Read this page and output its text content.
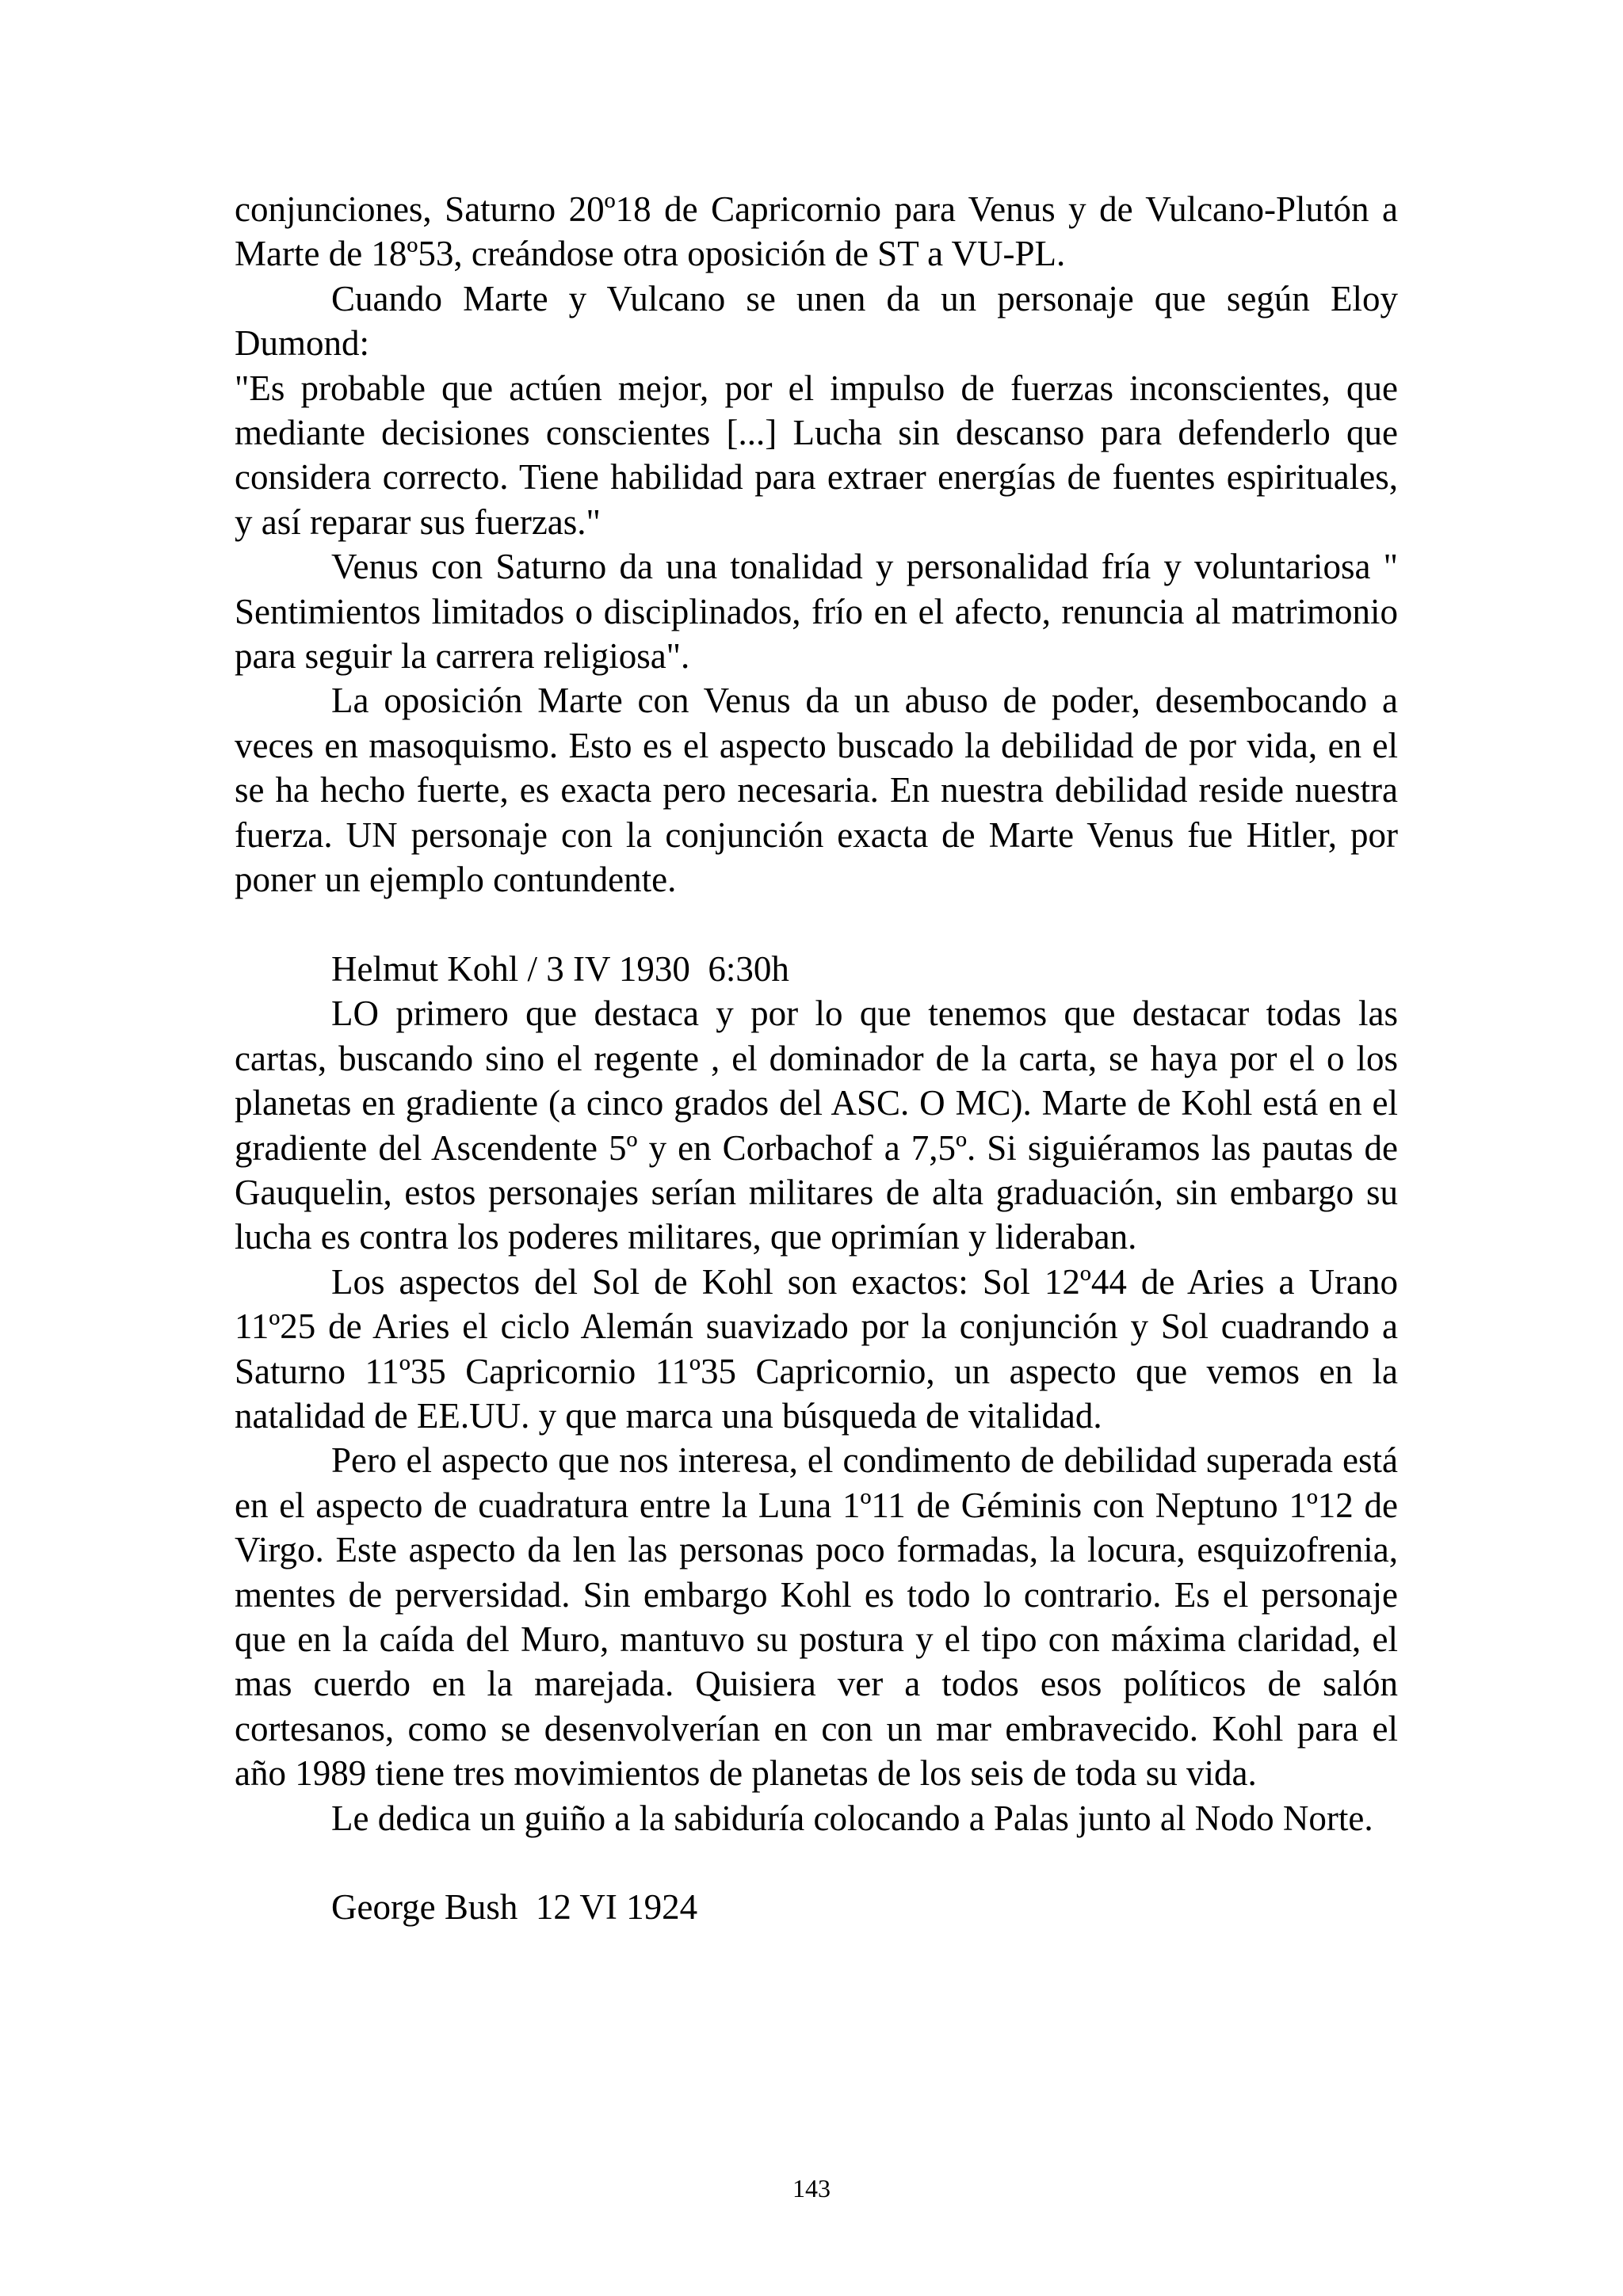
conjunciones, Saturno 20º18 de Capricornio para Venus y de Vulcano-Plutón a Marte de 18º53, creándose otra oposición de ST a VU-PL.

Cuando Marte y Vulcano se unen da un personaje que según Eloy Dumond:

"Es probable que actúen mejor, por el impulso de fuerzas inconscientes, que mediante decisiones conscientes [...] Lucha sin descanso para defenderlo que considera correcto. Tiene habilidad para extraer energías de fuentes espirituales, y así reparar sus fuerzas."

Venus con Saturno da una tonalidad y personalidad fría y voluntariosa " Sentimientos limitados o disciplinados, frío en el afecto, renuncia al matrimonio para seguir la carrera religiosa".

La oposición Marte con Venus da un abuso de poder, desembocando a veces en masoquismo. Esto es el aspecto buscado la debilidad de por vida, en el se ha hecho fuerte, es exacta pero necesaria. En nuestra debilidad reside nuestra fuerza. UN personaje con la conjunción exacta de Marte Venus fue Hitler, por poner un ejemplo contundente.

Helmut Kohl / 3 IV 1930  6:30h

LO primero que destaca y por lo que tenemos que destacar todas las cartas, buscando sino el regente , el dominador de la carta, se haya por el o los planetas en gradiente (a cinco grados del ASC. O MC). Marte de Kohl está en el gradiente del Ascendente 5º y en Corbachof a 7,5º. Si siguiéramos las pautas de Gauquelin, estos personajes serían militares de alta graduación, sin embargo su lucha es contra los poderes militares, que oprimían y lideraban.

Los aspectos del Sol de Kohl son exactos: Sol 12º44 de Aries a Urano 11º25 de Aries el ciclo Alemán suavizado por la conjunción y Sol cuadrando a Saturno 11º35 Capricornio 11º35 Capricornio, un aspecto que vemos en la natalidad de EE.UU. y que marca una búsqueda de vitalidad.

Pero el aspecto que nos interesa, el condimento de debilidad superada está en el aspecto de cuadratura entre la Luna 1º11 de Géminis con Neptuno 1º12 de Virgo. Este aspecto da len las personas poco formadas, la locura, esquizofrenia, mentes de perversidad. Sin embargo Kohl es todo lo contrario. Es el personaje que en la caída del Muro, mantuvo su postura y el tipo con máxima claridad, el mas cuerdo en la marejada. Quisiera ver a todos esos políticos de salón cortesanos, como se desenvolverían en con un mar embravecido. Kohl para el año 1989 tiene tres movimientos de planetas de los seis de toda su vida.

Le dedica un guiño a la sabiduría colocando a Palas junto al Nodo Norte.

George Bush  12 VI 1924

143
